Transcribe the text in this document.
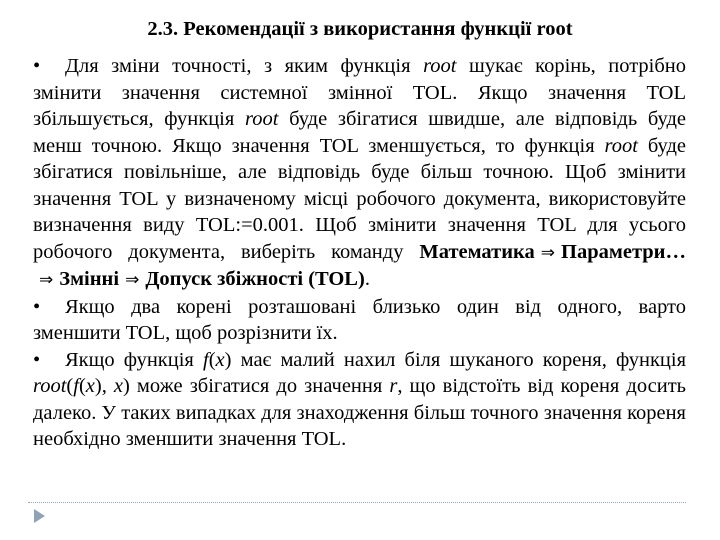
2.3. Рекомендації з використання функції root

• Для зміни точності, з яким функція root шукає корінь, потрібно змінити значення системної змінної TOL. Якщо значення TOL збільшується, функція root буде збігатися швидше, але відповідь буде менш точною. Якщо значення TOL зменшується, то функція root буде збігатися повільніше, але відповідь буде більш точною. Щоб змінити значення TOL у визначеному місці робочого документа, використовуйте визначення виду TOL:=0.001. Щоб змінити значення TOL для усього робочого документа, виберіть команду Математика ⇒ Параметри…⇒ Змінні ⇒ Допуск збіжності (TOL).

• Якщо два корені розташовані близько один від одного, варто зменшити TOL, щоб розрізнити їх.

• Якщо функція f(x) має малий нахил біля шуканого кореня, функція root(f(x), x) може збігатися до значення r, що відстоїть від кореня досить далеко. У таких випадках для знаходження більш точного значення кореня необхідно зменшити значення TOL.
